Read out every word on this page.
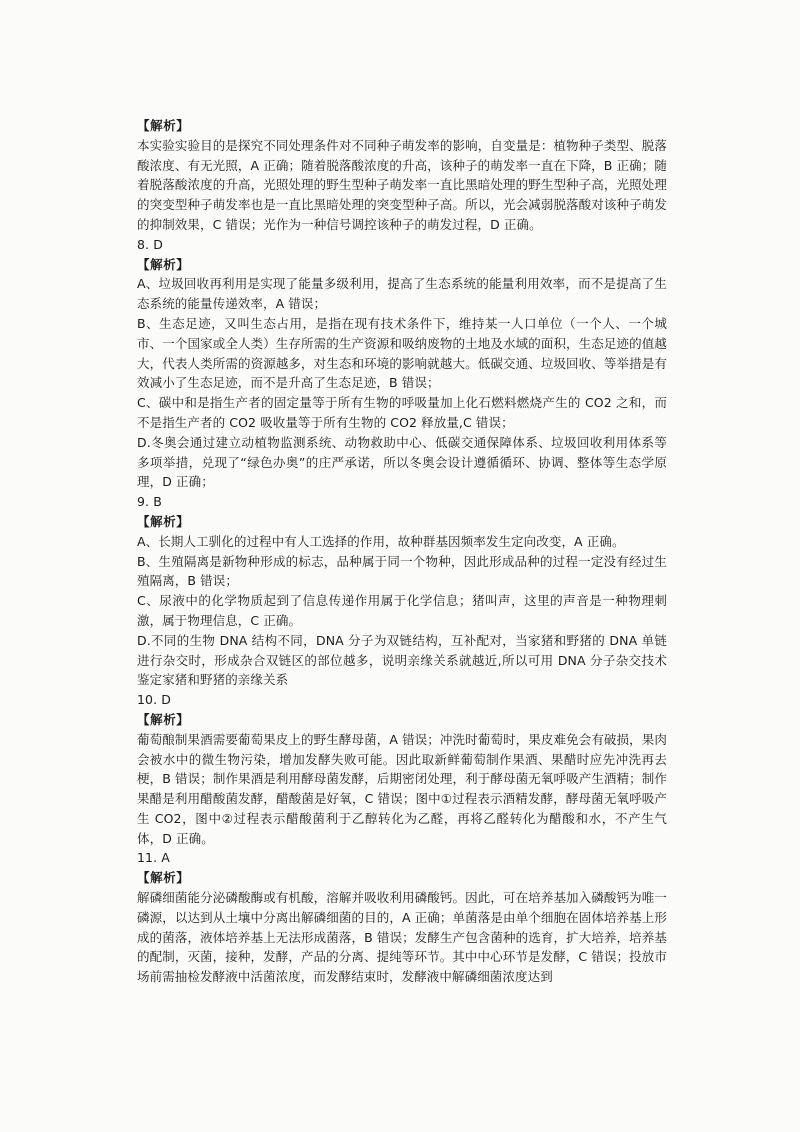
【解析】

本实验实验目的是探究不同处理条件对不同种子萌发率的影响，自变量是：植物种子类型、脱落酸浓度、有无光照，A 正确；随着脱落酸浓度的升高，该种子的萌发率一直在下降，B 正确；随着脱落酸浓度的升高，光照处理的野生型种子萌发率一直比黑暗处理的野生型种子高，光照处理的突变型种子萌发率也是一直比黑暗处理的突变型种子高。所以，光会减弱脱落酸对该种子萌发的抑制效果，C 错误；光作为一种信号调控该种子的萌发过程，D 正确。

8. D

【解析】

A、垃圾回收再利用是实现了能量多级利用，提高了生态系统的能量利用效率，而不是提高了生态系统的能量传递效率，A 错误；

B、生态足迹，又叫生态占用，是指在现有技术条件下，维持某一人口单位（一个人、一个城市、一个国家或全人类）生存所需的生产资源和吸纳废物的土地及水域的面积，生态足迹的值越大，代表人类所需的资源越多，对生态和环境的影响就越大。低碳交通、垃圾回收、等举措是有效减小了生态足迹，而不是升高了生态足迹，B 错误；

C、碳中和是指生产者的固定量等于所有生物的呼吸量加上化石燃料燃烧产生的 CO2 之和，而不是指生产者的 CO2 吸收量等于所有生物的 CO2 释放量,C 错误；

D.冬奥会通过建立动植物监测系统、动物救助中心、低碳交通保障体系、垃圾回收利用体系等多项举措，兑现了“绿色办奥”的庄严承诺，所以冬奥会设计遵循循环、协调、整体等生态学原理，D 正确；

9. B

【解析】

A、长期人工驯化的过程中有人工选择的作用，故种群基因频率发生定向改变，A 正确。

B、生殖隔离是新物种形成的标志，品种属于同一个物种，因此形成品种的过程一定没有经过生殖隔离，B 错误；

C、尿液中的化学物质起到了信息传递作用属于化学信息；猪叫声，这里的声音是一种物理刺激，属于物理信息，C 正确。

D.不同的生物 DNA 结构不同，DNA 分子为双链结构，互补配对，当家猪和野猪的 DNA 单链进行杂交时，形成杂合双链区的部位越多，说明亲缘关系就越近,所以可用 DNA 分子杂交技术鉴定家猪和野猪的亲缘关系

10. D

【解析】

葡萄酿制果酒需要葡萄果皮上的野生酵母菌，A 错误；冲洗时葡萄时，果皮难免会有破损，果肉会被水中的微生物污染，增加发酵失败可能。因此取新鲜葡萄制作果酒、果醋时应先冲洗再去梗，B 错误；制作果酒是利用酵母菌发酵，后期密闭处理，利于酵母菌无氧呼吸产生酒精；制作果醋是利用醋酸菌发酵，醋酸菌是好氧，C 错误；图中①过程表示酒精发酵，酵母菌无氧呼吸产生 CO2，图中②过程表示醋酸菌利于乙醇转化为乙醛，再将乙醛转化为醋酸和水，不产生气体，D 正确。

11. A

【解析】

解磷细菌能分泌磷酸酶或有机酸，溶解并吸收利用磷酸钙。因此，可在培养基加入磷酸钙为唯一磷源，以达到从土壤中分离出解磷细菌的目的，A 正确；单菌落是由单个细胞在固体培养基上形成的菌落，液体培养基上无法形成菌落，B 错误；发酵生产包含菌种的选育，扩大培养，培养基的配制，灭菌，接种，发酵，产品的分离、提纯等环节。其中中心环节是发酵，C 错误；投放市场前需抽检发酵液中活菌浓度，而发酵结束时，发酵液中解磷细菌浓度达到
